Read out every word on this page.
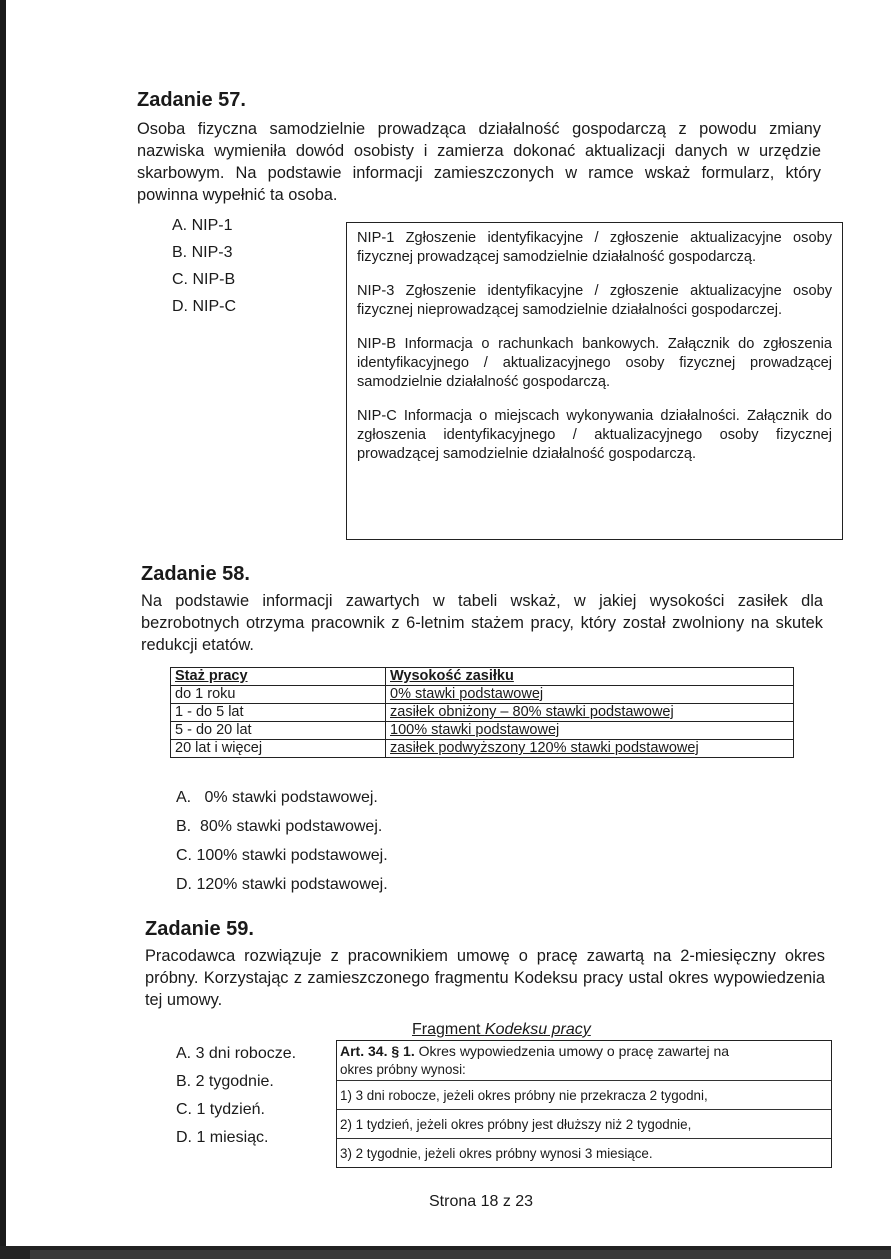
Zadanie 57.
Osoba fizyczna samodzielnie prowadząca działalność gospodarczą z powodu zmiany nazwiska wymieniła dowód osobisty i zamierza dokonać aktualizacji danych w urzędzie skarbowym. Na podstawie informacji zamieszczonych w ramce wskaż formularz, który powinna wypełnić ta osoba.
A. NIP-1
B. NIP-3
C. NIP-B
D. NIP-C

NIP-1 Zgłoszenie identyfikacyjne / zgłoszenie aktualizacyjne osoby fizycznej prowadzącej samodzielnie działalność gospodarczą.

NIP-3 Zgłoszenie identyfikacyjne / zgłoszenie aktualizacyjne osoby fizycznej nieprowadzącej samodzielnie działalności gospodarczej.

NIP-B Informacja o rachunkach bankowych. Załącznik do zgłoszenia identyfikacyjnego / aktualizacyjnego osoby fizycznej prowadzącej samodzielnie działalność gospodarczą.

NIP-C Informacja o miejscach wykonywania działalności. Załącznik do zgłoszenia identyfikacyjnego / aktualizacyjnego osoby fizycznej prowadzącej samodzielnie działalność gospodarczą.

Zadanie 58.
Na podstawie informacji zawartych w tabeli wskaż, w jakiej wysokości zasiłek dla bezrobotnych otrzyma pracownik z 6-letnim stażem pracy, który został zwolniony na skutek redukcji etatów.
Staż pracy	Wysokość zasiłku
do 1 roku	0% stawki podstawowej
1 - do 5 lat	zasiłek obniżony – 80% stawki podstawowej
5 - do 20 lat	100% stawki podstawowej
20 lat i więcej	zasiłek podwyższony 120% stawki podstawowej
A.   0% stawki podstawowej.
B.  80% stawki podstawowej.
C. 100% stawki podstawowej.
D. 120% stawki podstawowej.
Zadanie 59.
Pracodawca rozwiązuje z pracownikiem umowę o pracę zawartą na 2-miesięczny okres próbny. Korzystając z zamieszczonego fragmentu Kodeksu pracy ustal okres wypowiedzenia tej umowy.
A. 3 dni robocze.
B. 2 tygodnie.
C. 1 tydzień.
D. 1 miesiąc.
Fragment Kodeksu pracy
Art. 34. § 1. Okres wypowiedzenia umowy o pracę zawartej na
okres próbny wynosi:
1) 3 dni robocze, jeżeli okres próbny nie przekracza 2 tygodni,
2) 1 tydzień, jeżeli okres próbny jest dłuższy niż 2 tygodnie,
3) 2 tygodnie, jeżeli okres próbny wynosi 3 miesiące.
Strona 18 z 23
